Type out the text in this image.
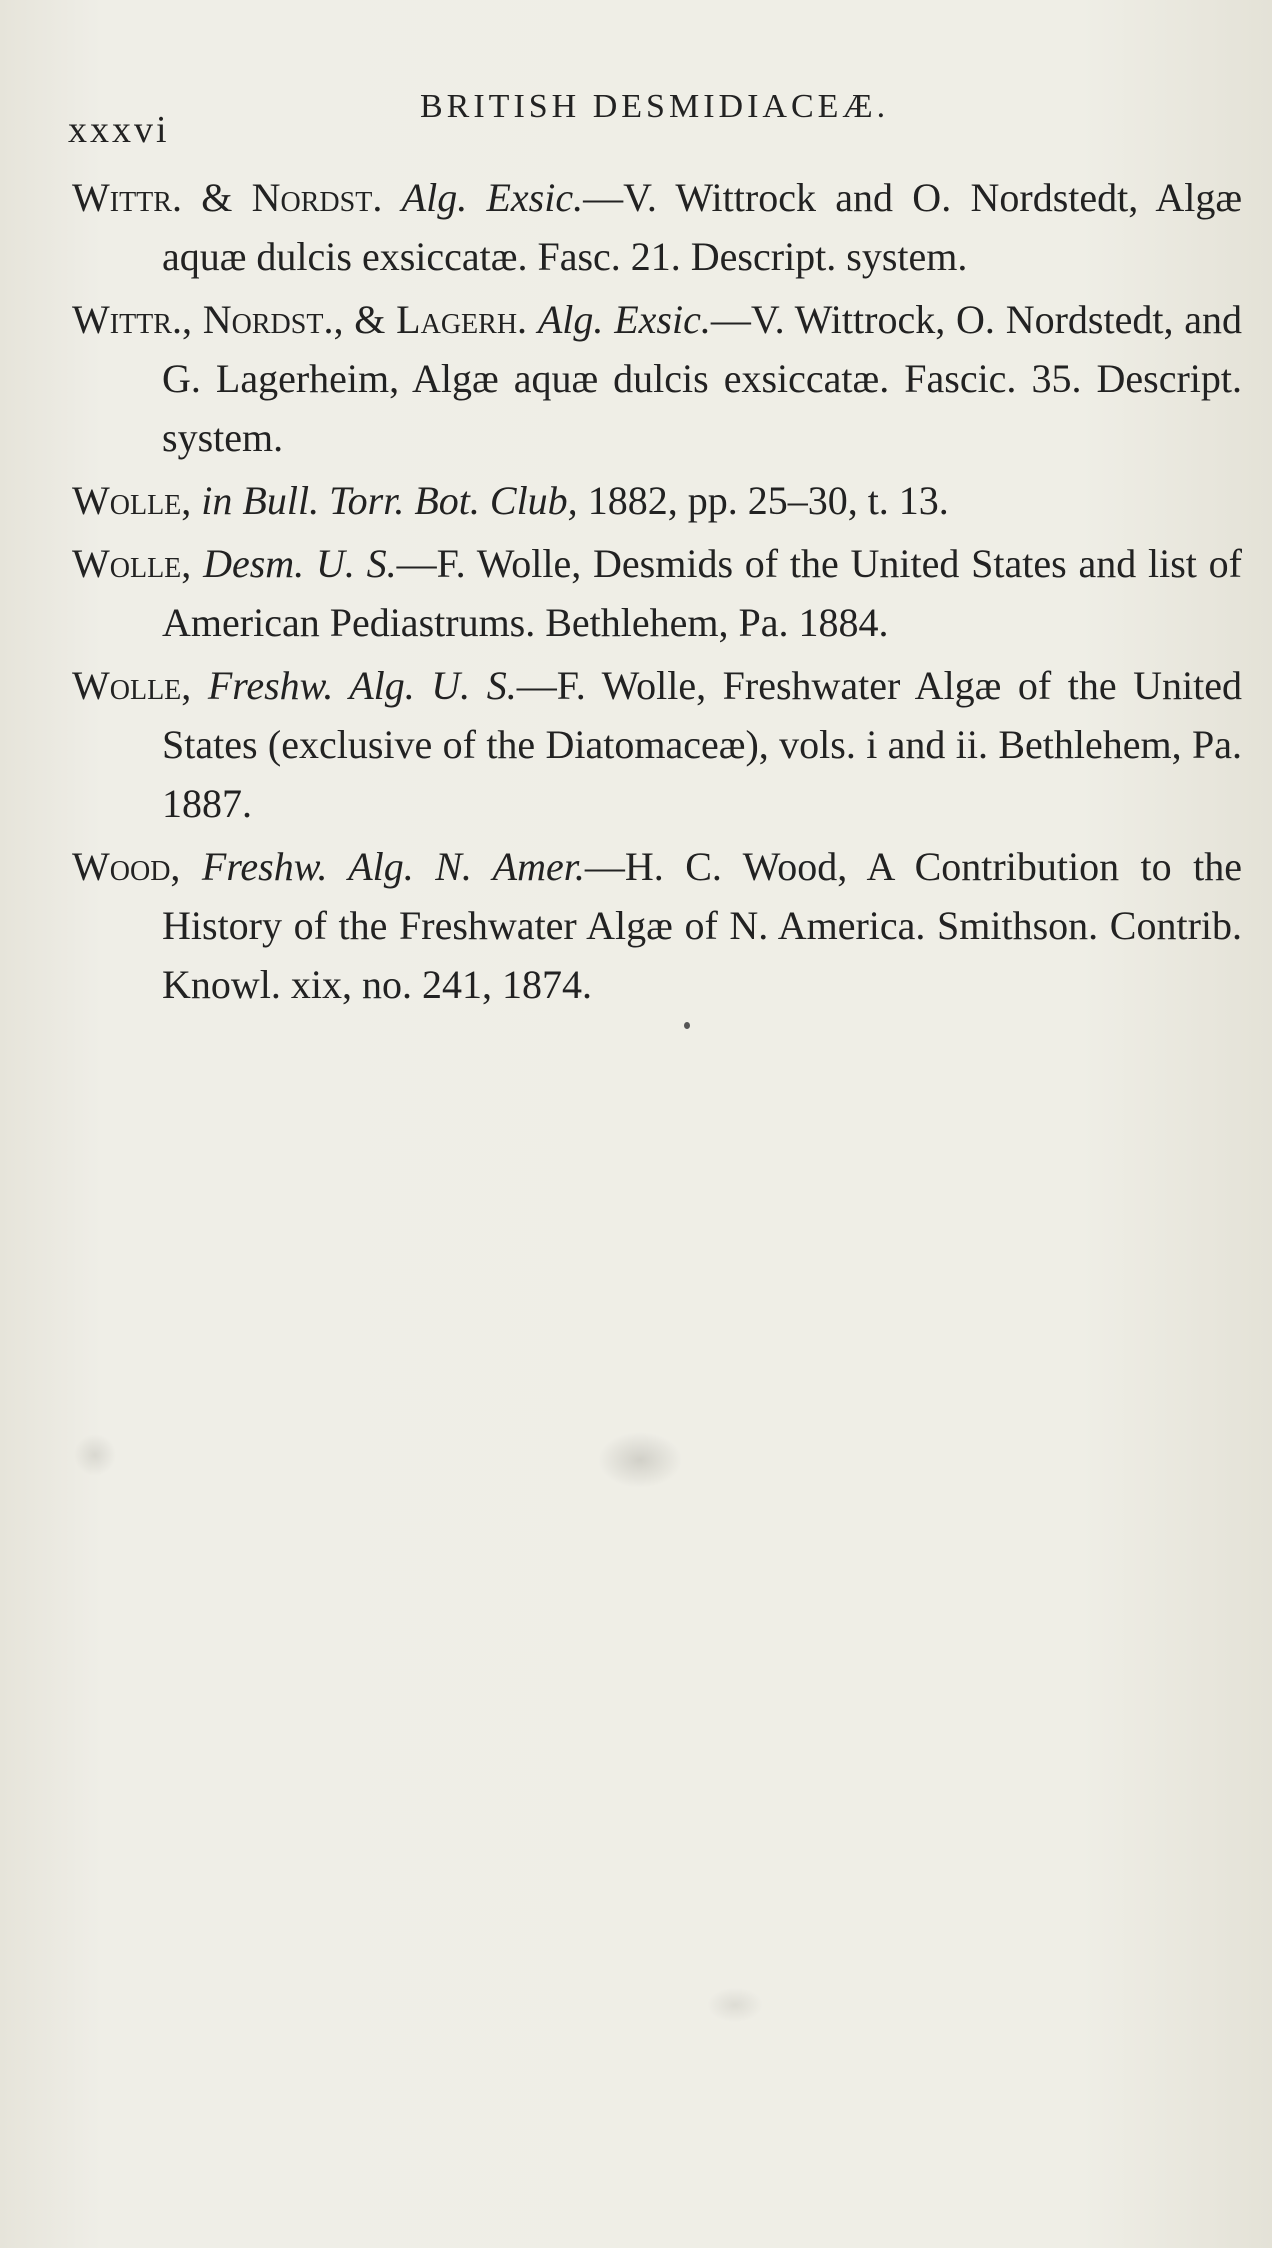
xxxvi
BRITISH DESMIDIACEÆ.

Wittr. & Nordst. Alg. Exsic.—V. Wittrock and O. Nordstedt, Algæ aquæ dulcis exsiccatæ. Fasc. 21. Descript. system.

Wittr., Nordst., & Lagerh. Alg. Exsic.—V. Wittrock, O. Nordstedt, and G. Lagerheim, Algæ aquæ dulcis exsiccatæ. Fascic. 35. Descript. system.

Wolle, in Bull. Torr. Bot. Club, 1882, pp. 25–30, t. 13.

Wolle, Desm. U. S.—F. Wolle, Desmids of the United States and list of American Pediastrums. Bethlehem, Pa. 1884.

Wolle, Freshw. Alg. U. S.—F. Wolle, Freshwater Algæ of the United States (exclusive of the Diatomaceæ), vols. i and ii. Bethlehem, Pa. 1887.

Wood, Freshw. Alg. N. Amer.—H. C. Wood, A Contribution to the History of the Freshwater Algæ of N. America. Smithson. Contrib. Knowl. xix, no. 241, 1874.
